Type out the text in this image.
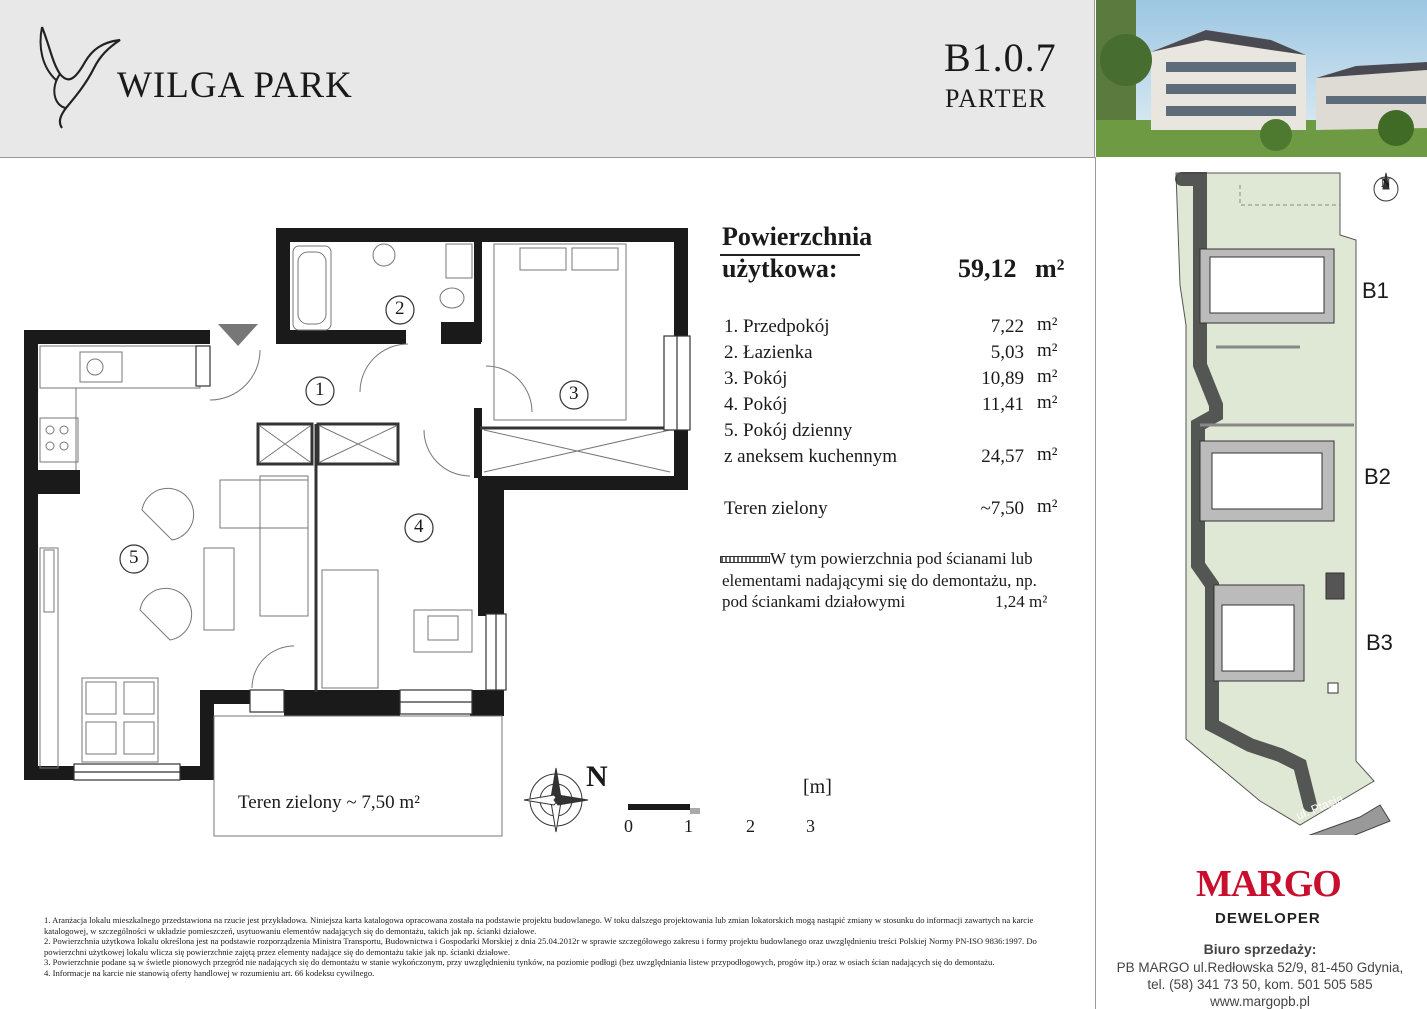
WILGA PARK
B1.0.7
PARTER
2
1	3
4
5
Teren zielony ~ 7,50 m²
N	[m]
0	1	2	3
Powierzchnia
użytkowa:	59,12 m²
1. Przedpokój	7,22 m²
2. Łazienka	5,03 m²
3. Pokój	10,89 m²
4. Pokój	11,41 m²
5. Pokój dzienny
z aneksem kuchennym	24,57 m²
Teren zielony	~7,50 m²
W tym powierzchnia pod ścianami lub
elementami nadającymi się do demontażu, np.
pod ściankami działowymi	1,24 m²
N
B1
B2
B3
ul. Ptasia
MARGO
DEWELOPER
Biuro sprzedaży:
PB MARGO ul.Redłowska 52/9, 81-450 Gdynia,
tel. (58) 341 73 50, kom. 501 505 585
www.margopb.pl

1. Aranżacja lokalu mieszkalnego przedstawiona na rzucie jest przykładowa. Niniejsza karta katalogowa opracowana została na podstawie projektu budowlanego. W toku dalszego projektowania lub zmian lokatorskich mogą nastąpić zmiany w stosunku do informacji zawartych na karcie katalogowej, w szczególności w układzie pomieszczeń, usytuowaniu elementów nadających się do demontażu, takich jak np. ścianki działowe.

2. Powierzchnia użytkowa lokalu określona jest na podstawie rozporządzenia Ministra Transportu, Budownictwa i Gospodarki Morskiej z dnia 25.04.2012r w sprawie szczegółowego zakresu i formy projektu budowlanego oraz uwzględnieniu treści Polskiej Normy PN-ISO 9836:1997. Do powierzchni użytkowej lokalu wlicza się powierzchnie zajętą przez elementy nadające się do demontażu takie jak np. ścianki działowe.

3. Powierzchnie podane są w świetle pionowych przegród nie nadających się do demontażu w stanie wykończonym, przy uwzględnieniu tynków, na poziomie podłogi (bez uwzględniania listew przypodłogowych, progów itp.) oraz w osiach ścian nadających się do demontażu.

4. Informacje na karcie nie stanowią oferty handlowej w rozumieniu art. 66 kodeksu cywilnego.
